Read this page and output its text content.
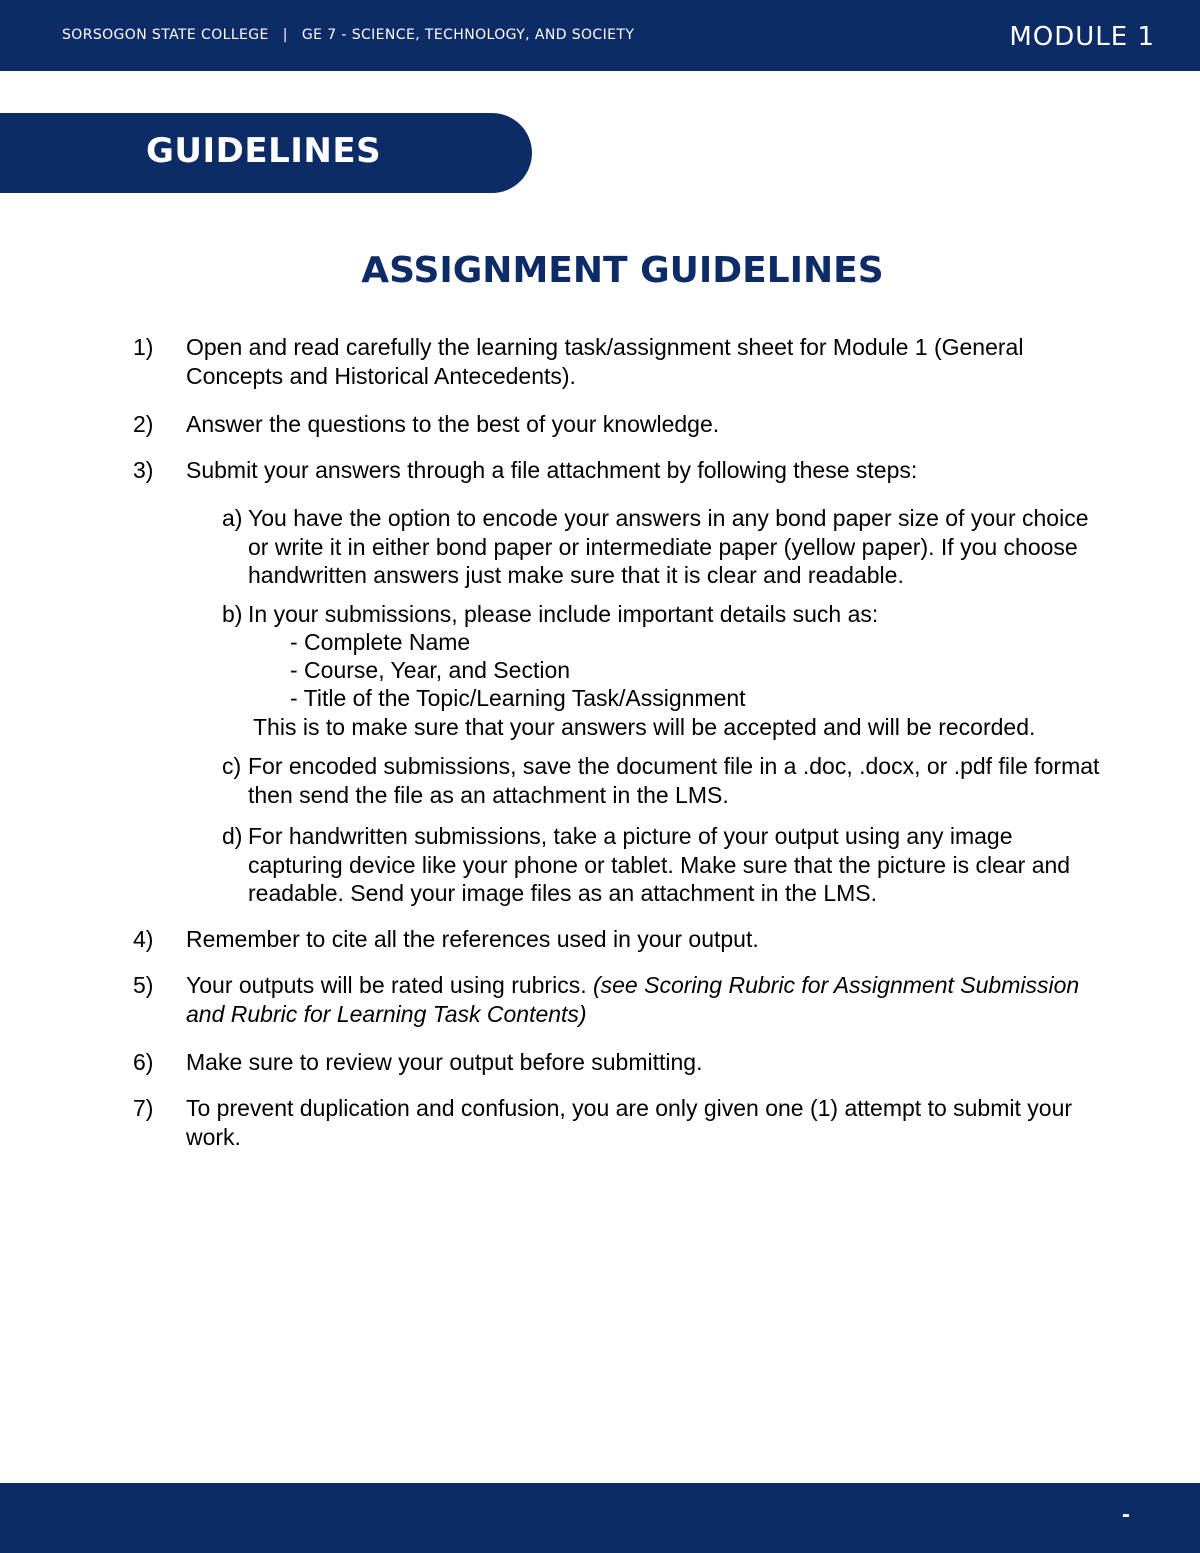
SORSOGON STATE COLLEGE | GE 7 - SCIENCE, TECHNOLOGY, AND SOCIETY	MODULE 1
GUIDELINES
ASSIGNMENT GUIDELINES
1) Open and read carefully the learning task/assignment sheet for Module 1 (General
Concepts and Historical Antecedents).
2) Answer the questions to the best of your knowledge.
3) Submit your answers through a file attachment by following these steps:
a) You have the option to encode your answers in any bond paper size of your choice
or write it in either bond paper or intermediate paper (yellow paper). If you choose
handwritten answers just make sure that it is clear and readable.
b) In your submissions, please include important details such as:
- Complete Name
- Course, Year, and Section
- Title of the Topic/Learning Task/Assignment
This is to make sure that your answers will be accepted and will be recorded.
c) For encoded submissions, save the document file in a .doc, .docx, or .pdf file format
then send the file as an attachment in the LMS.
d) For handwritten submissions, take a picture of your output using any image
capturing device like your phone or tablet. Make sure that the picture is clear and
readable. Send your image files as an attachment in the LMS.
4) Remember to cite all the references used in your output.
5) Your outputs will be rated using rubrics. (see Scoring Rubric for Assignment Submission
and Rubric for Learning Task Contents)
6) Make sure to review your output before submitting.
7) To prevent duplication and confusion, you are only given one (1) attempt to submit your
work.
-
